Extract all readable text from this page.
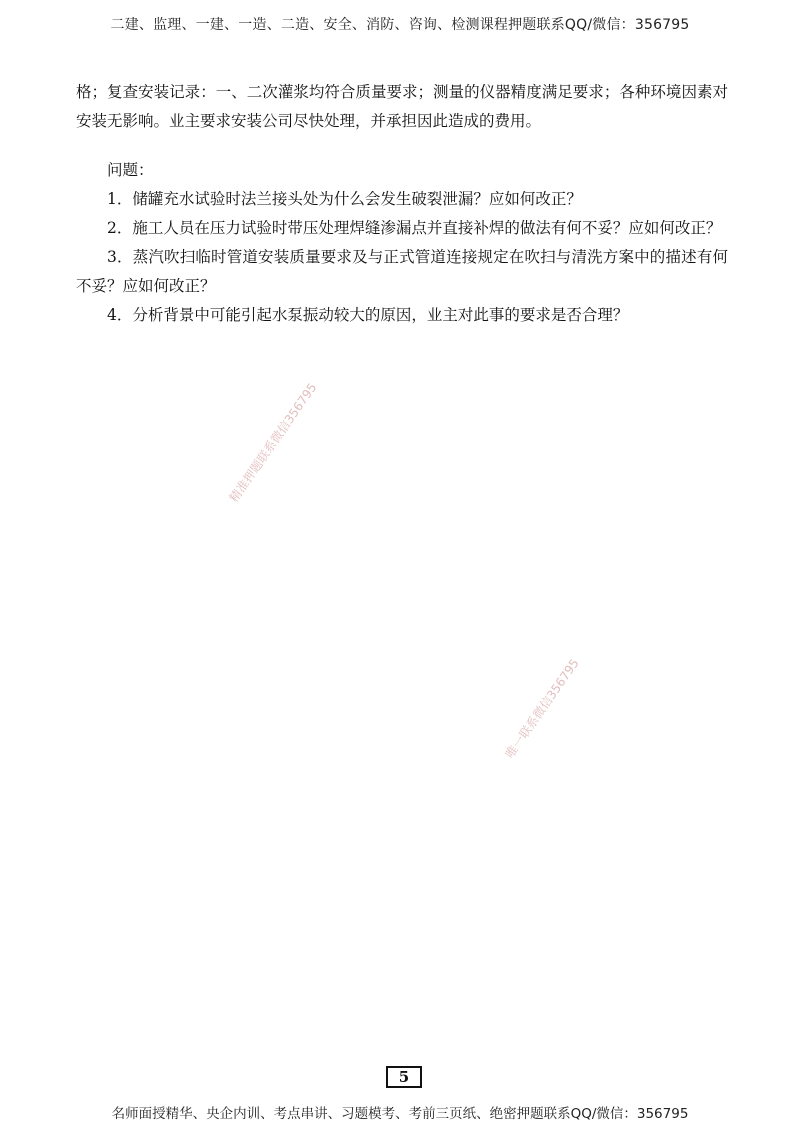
二建、监理、一建、一造、二造、安全、消防、咨询、检测课程押题联系QQ/微信：356795

格；复查安装记录：一、二次灌浆均符合质量要求；测量的仪器精度满足要求；各种环境因素对安装无影响。业主要求安装公司尽快处理，并承担因此造成的费用。

问题：

1．储罐充水试验时法兰接头处为什么会发生破裂泄漏？应如何改正？

2．施工人员在压力试验时带压处理焊缝渗漏点并直接补焊的做法有何不妥？应如何改正？

3．蒸汽吹扫临时管道安装质量要求及与正式管道连接规定在吹扫与清洗方案中的描述有何不妥？应如何改正？

4．分析背景中可能引起水泵振动较大的原因，业主对此事的要求是否合理？

精准押题联系微信356795
唯一联系微信356795
5
名师面授精华、央企内训、考点串讲、习题模考、考前三页纸、绝密押题联系QQ/微信：356795
